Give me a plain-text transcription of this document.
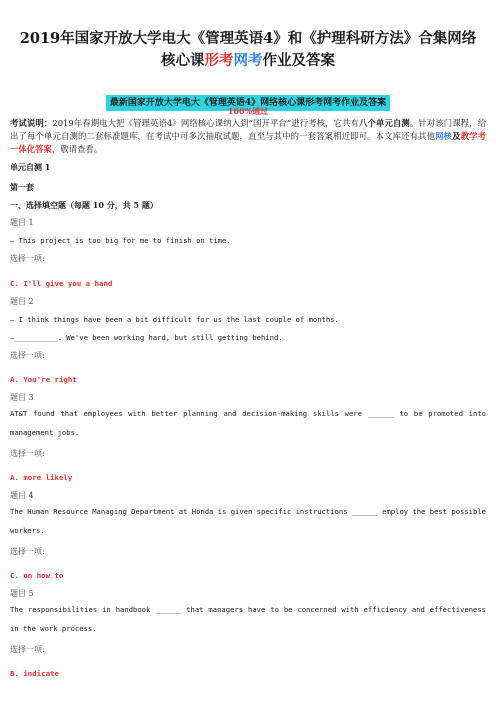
2019年国家开放大学电大《管理英语4》和《护理科研方法》合集网络
核心课形考网考作业及答案
最新国家开放大学电大《管理英语4》网络核心课形考网考作业及答案
100%通过
考试说明：2019年春期电大把《管理英语4》网络核心课纳入到“国开平台”进行考核，它共有八个单元自测。针对该门课程，给出了每个单元自测的二套标准题库，在考试中可多次抽取试题，直至与其中的一套答案相近即可。本文库还有其他网核及教学考一体化答案，敬请查看。
单元自测 1
第一套
一、选择填空题（每题 10 分，共 5 题）
题目 1
— This project is too big for me to finish on time.
选择一项:
C. I'll give you a hand
题目 2
— I think things have been a bit difficult for us the last couple of months.
—__________. We've been working hard, but still getting behind.
选择一项:
A. You're right
题目 3
AT&T found that employees with better planning and decision-making skills were ______ to be promoted into management jobs.
选择一项:
A. more likely
题目 4
The Human Resource Managing Department at Honda is given specific instructions ______ employ the best possible workers.
选择一项:
C. on how to
题目 5
The responsibilities in handbook ______ that managers have to be concerned with efficiency and effectiveness in the work process.
选择一项:
B. indicate
